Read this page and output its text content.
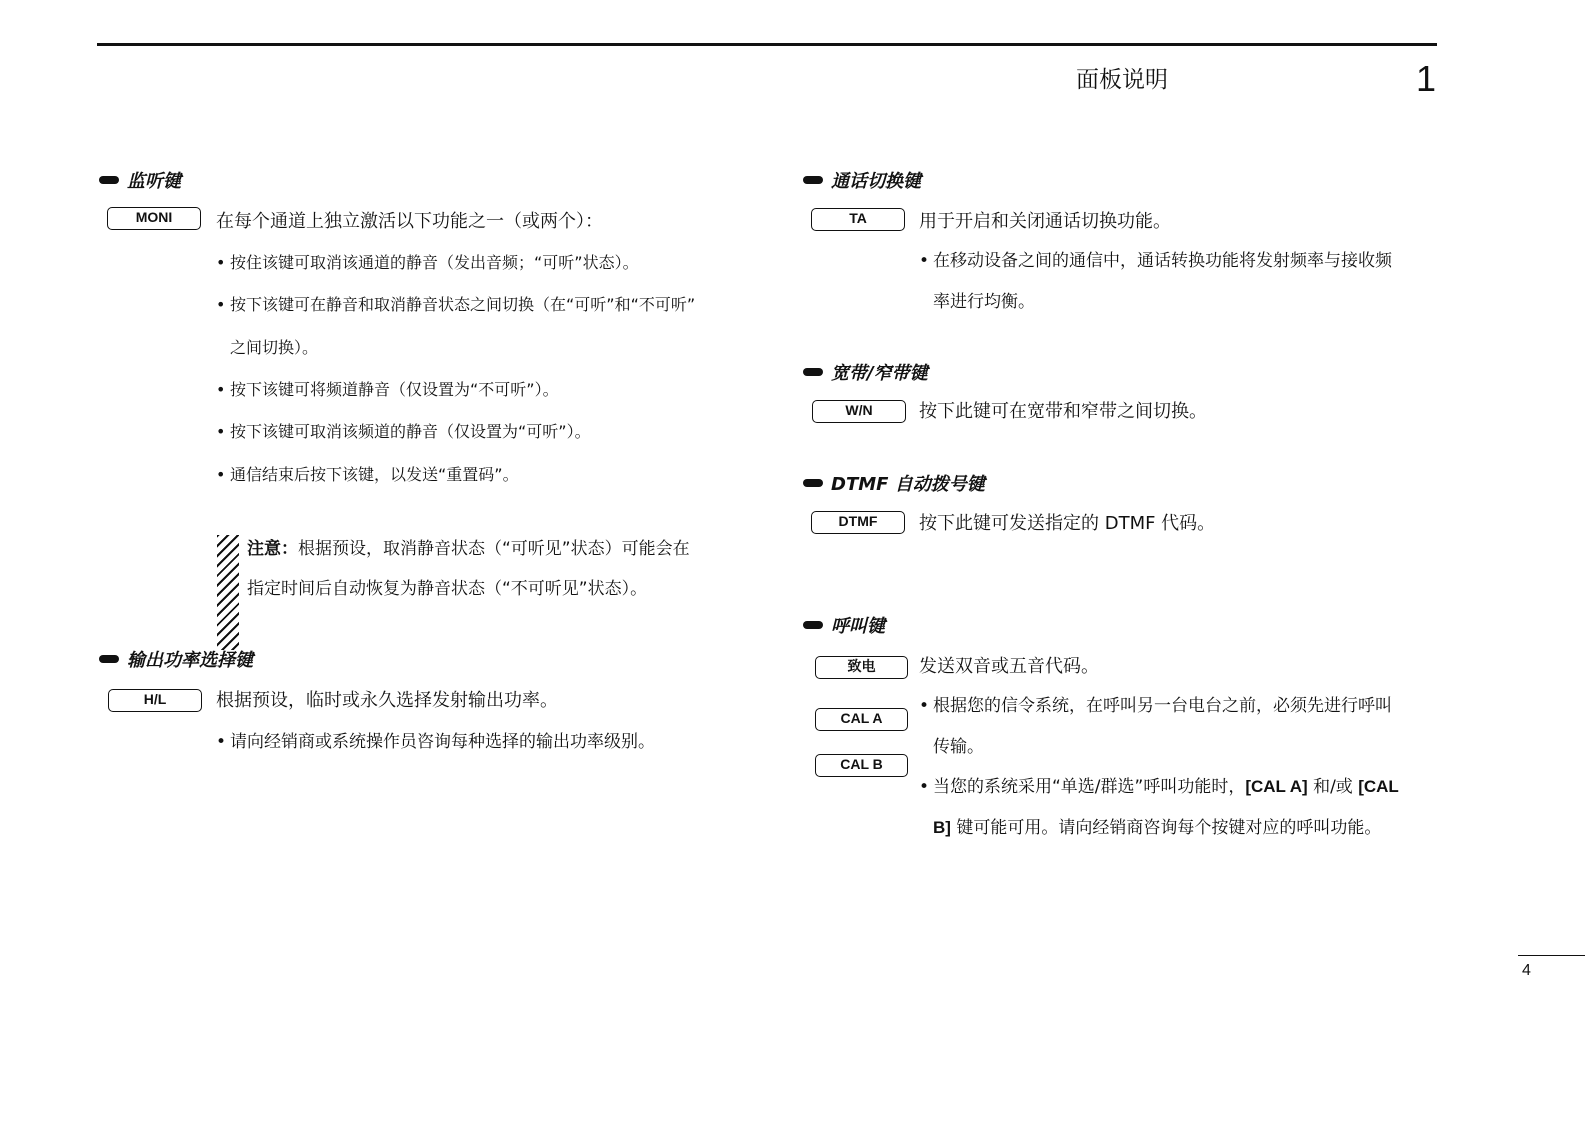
面板说明	1
监听键
MONI	在每个通道上独立激活以下功能之一（或两个）：
• 按住该键可取消该通道的静音（发出音频；“可听”状态）。
• 按下该键可在静音和取消静音状态之间切换（在“可听”和“不可听”
之间切换）。
• 按下该键可将频道静音（仅设置为“不可听”）。
• 按下该键可取消该频道的静音（仅设置为“可听”）。
• 通信结束后按下该键，以发送“重置码”。
注意：根据预设，取消静音状态（“可听见”状态）可能会在
指定时间后自动恢复为静音状态（“不可听见”状态）。
输出功率选择键
H/L	根据预设，临时或永久选择发射输出功率。
• 请向经销商或系统操作员咨询每种选择的输出功率级别。
通话切换键
TA	用于开启和关闭通话切换功能。
• 在移动设备之间的通信中，通话转换功能将发射频率与接收频
率进行均衡。
宽带/窄带键
W/N	按下此键可在宽带和窄带之间切换。
DTMF 自动拨号键
DTMF	按下此键可发送指定的 DTMF 代码。
呼叫键
致电
CAL A
CAL B
发送双音或五音代码。
• 根据您的信令系统，在呼叫另一台电台之前，必须先进行呼叫
传输。
• 当您的系统采用“单选/群选”呼叫功能时，[CAL A] 和/或 [CAL
B] 键可能可用。请向经销商咨询每个按键对应的呼叫功能。
4
